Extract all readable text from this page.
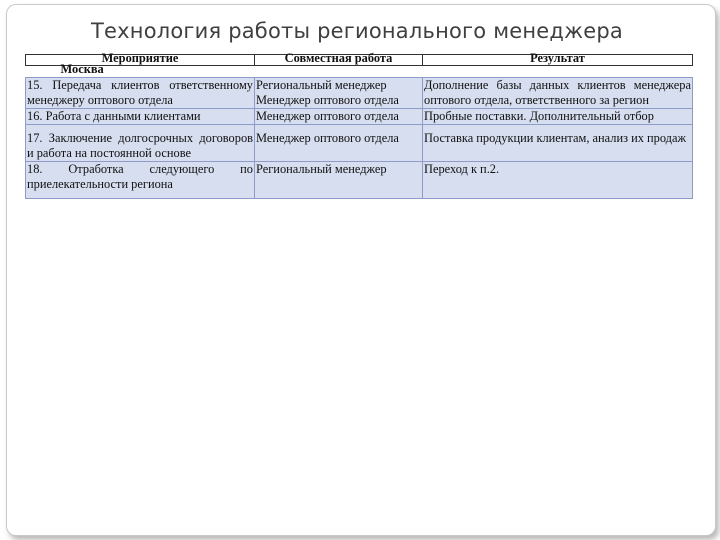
Технология работы регионального менеджера
Мероприятие	Совместная работа	Результат

Москва		

15. Передача клиентов ответственному менеджеру оптового отдела	Региональный менеджер Менеджер оптового отдела	Дополнение базы данных клиентов менеджера оптового отдела, ответственного за регион
16. Работа с данными клиентами	Менеджер оптового отдела	Пробные поставки. Дополнительный отбор

17. Заключение долгосрочных договоров и работа на постоянной основе	Менеджер оптового отдела	Поставка продукции клиентам, анализ их продаж
18. Отработка следующего по приелекательности региона	Региональный менеджер	Переход к п.2.
